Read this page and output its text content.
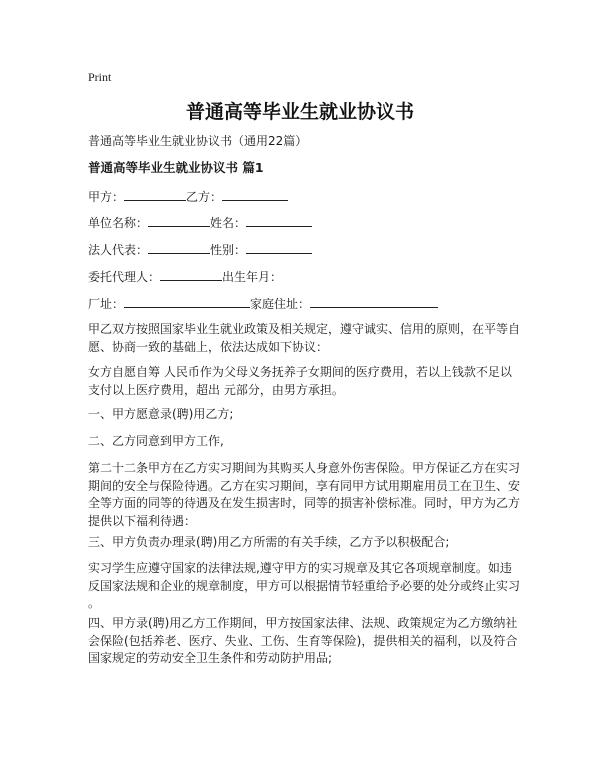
Print
普通高等毕业生就业协议书
普通高等毕业生就业协议书（通用22篇）
普通高等毕业生就业协议书 篇1
甲方：	乙方：
单位名称：	姓名：
法人代表：	性别：
委托代理人：	出生年月：
厂址：	家庭住址：
甲乙双方按照国家毕业生就业政策及相关规定，遵守诚实、信用的原则，在平等自
愿、协商一致的基础上，依法达成如下协议：
女方自愿自筹 人民币作为父母义务抚养子女期间的医疗费用，若以上钱款不足以
支付以上医疗费用，超出 元部分，由男方承担。
一、甲方愿意录(聘)用乙方;
二、乙方同意到甲方工作,
第二十二条甲方在乙方实习期间为其购买人身意外伤害保险。甲方保证乙方在实习
期间的安全与保险待遇。乙方在实习期间，享有同甲方试用期雇用员工在卫生、安
全等方面的同等的待遇及在发生损害时，同等的损害补偿标准。同时，甲方为乙方
提供以下福利待遇：
三、甲方负责办理录(聘)用乙方所需的有关手续，乙方予以积极配合;
实习学生应遵守国家的法律法规,遵守甲方的实习规章及其它各项规章制度。如违
反国家法规和企业的规章制度，甲方可以根据情节轻重给予必要的处分或终止实习
。
四、甲方录(聘)用乙方工作期间，甲方按国家法律、法规、政策规定为乙方缴纳社
会保险(包括养老、医疗、失业、工伤、生育等保险)，提供相关的福利，以及符合
国家规定的劳动安全卫生条件和劳动防护用品;
